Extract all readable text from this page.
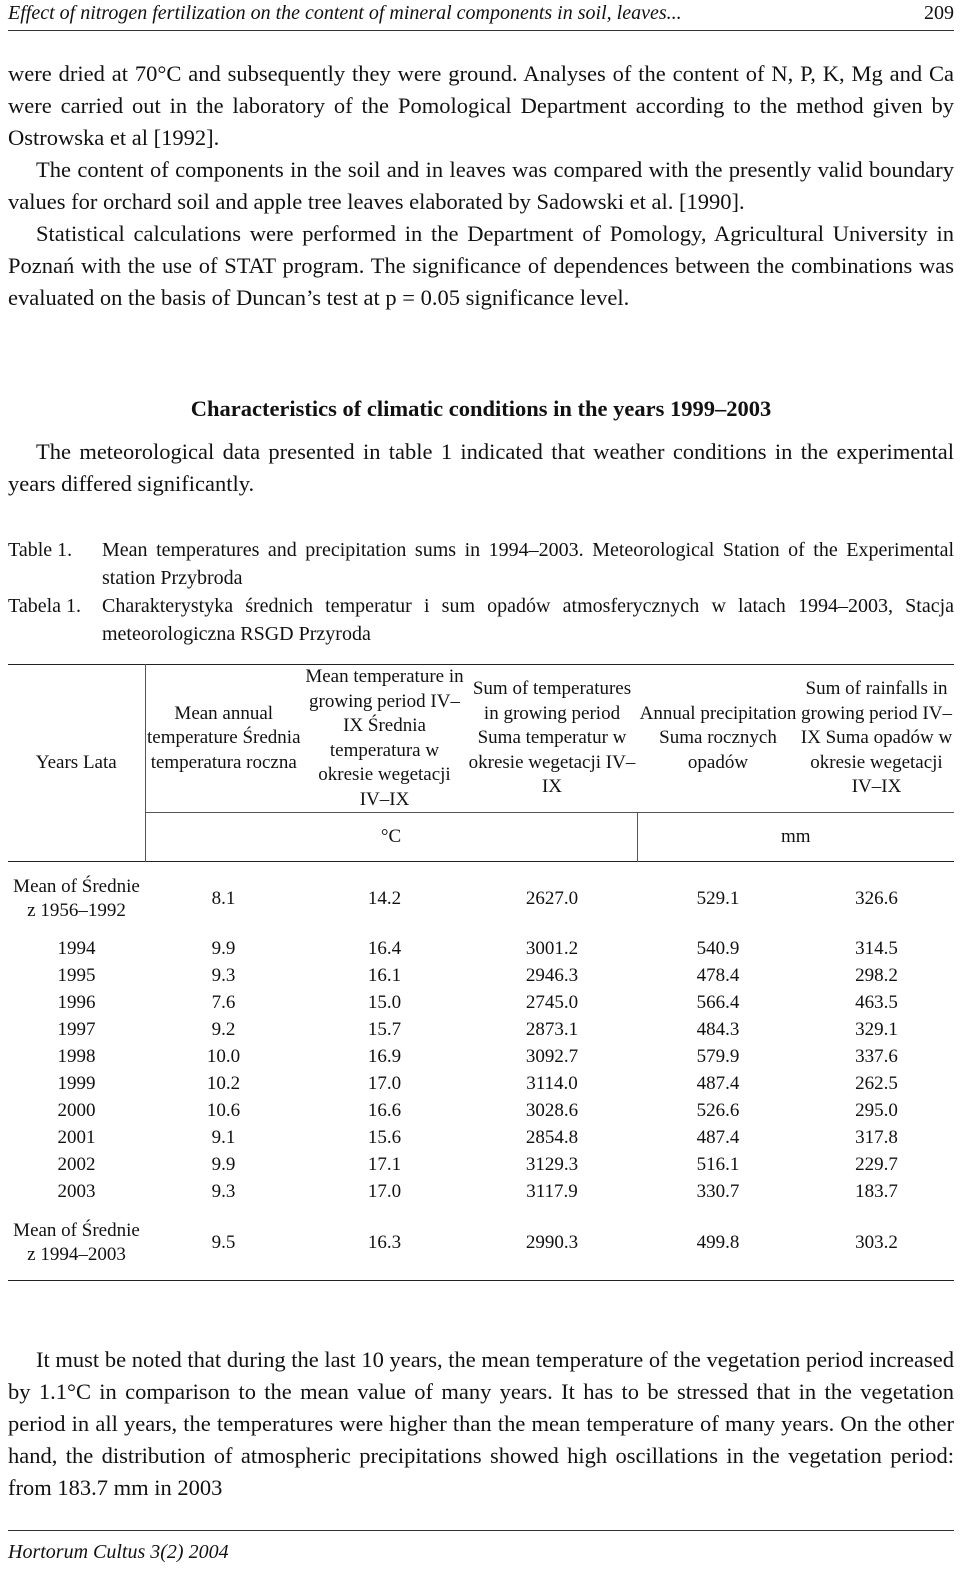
Effect of nitrogen fertilization on the content of mineral components in soil, leaves...	209

were dried at 70°C and subsequently they were ground. Analyses of the content of N, P, K, Mg and Ca were carried out in the laboratory of the Pomological Department according to the method given by Ostrowska et al [1992].

The content of components in the soil and in leaves was compared with the presently valid boundary values for orchard soil and apple tree leaves elaborated by Sadowski et al. [1990].

Statistical calculations were performed in the Department of Pomology, Agricultural University in Poznań with the use of STAT program. The significance of dependences between the combinations was evaluated on the basis of Duncan’s test at p = 0.05 significance level.

Characteristics of climatic conditions in the years 1999–2003

The meteorological data presented in table 1 indicated that weather conditions in the experimental years differed significantly.

Table 1.	Mean temperatures and precipitation sums in 1994–2003. Meteorological Station of the Experimental station Przybroda
Tabela 1.	Charakterystyka średnich temperatur i sum opadów atmosferycznych w latach 1994–2003, Stacja meteorologiczna RSGD Przyroda
Years Lata	Mean annual temperature Średnia temperatura roczna	Mean temperature in growing period IV–IX Średnia temperatura w okresie wegetacji IV–IX	Sum of temperatures in growing period Suma temperatur w okresie wegetacji IV–IX	Annual precipitation Suma rocznych opadów	Sum of rainfalls in growing period IV–IX Suma opadów w okresie wegetacji IV–IX
	°C			mm	
Mean of Średnie z 1956–1992	8.1	14.2	2627.0	529.1	326.6
1994	9.9	16.4	3001.2	540.9	314.5
1995	9.3	16.1	2946.3	478.4	298.2
1996	7.6	15.0	2745.0	566.4	463.5
1997	9.2	15.7	2873.1	484.3	329.1
1998	10.0	16.9	3092.7	579.9	337.6
1999	10.2	17.0	3114.0	487.4	262.5
2000	10.6	16.6	3028.6	526.6	295.0
2001	9.1	15.6	2854.8	487.4	317.8
2002	9.9	17.1	3129.3	516.1	229.7
2003	9.3	17.0	3117.9	330.7	183.7
Mean of Średnie z 1994–2003	9.5	16.3	2990.3	499.8	303.2

It must be noted that during the last 10 years, the mean temperature of the vegetation period increased by 1.1°C in comparison to the mean value of many years. It has to be stressed that in the vegetation period in all years, the temperatures were higher than the mean temperature of many years. On the other hand, the distribution of atmospheric precipitations showed high oscillations in the vegetation period: from 183.7 mm in 2003

Hortorum Cultus 3(2) 2004
